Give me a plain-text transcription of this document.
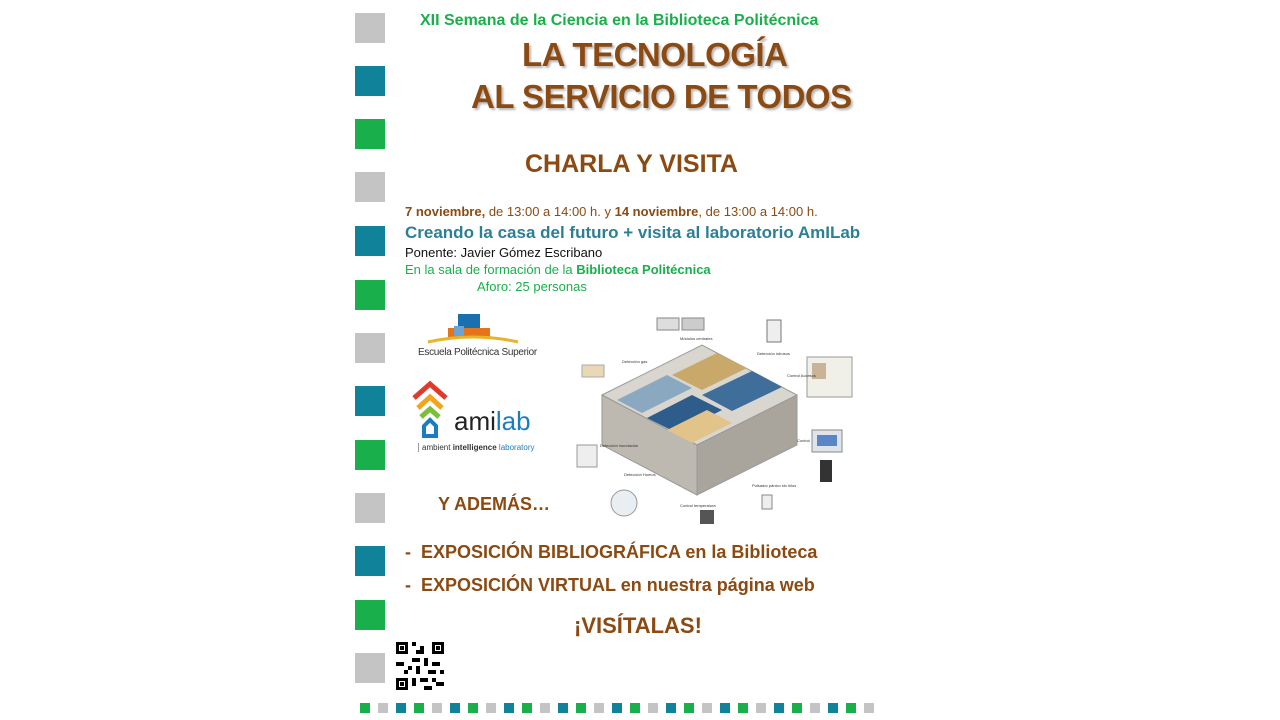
XII Semana de la Ciencia en la Biblioteca Politécnica
LA TECNOLOGÍA
AL SERVICIO DE TODOS
CHARLA Y VISITA
7 noviembre, de 13:00 a 14:00 h. y 14 noviembre, de 13:00 a 14:00 h.
Creando la casa del futuro + visita al laboratorio AmILab
Ponente: Javier Gómez Escribano
En la sala de formación de la Biblioteca Politécnica
Aforo: 25 personas
Escuela Politécnica Superior
amilab
ambient intelligence laboratory
Detección gas
Módulos centrales
Detección intrusos
Control Accesos
Control
Detección inundación
Detección Humos
Pulsador pánico sin hilos
Control temperatura
Y ADEMÁS…
- EXPOSICIÓN BIBLIOGRÁFICA en la Biblioteca
- EXPOSICIÓN VIRTUAL en nuestra página web
¡VISÍTALAS!
